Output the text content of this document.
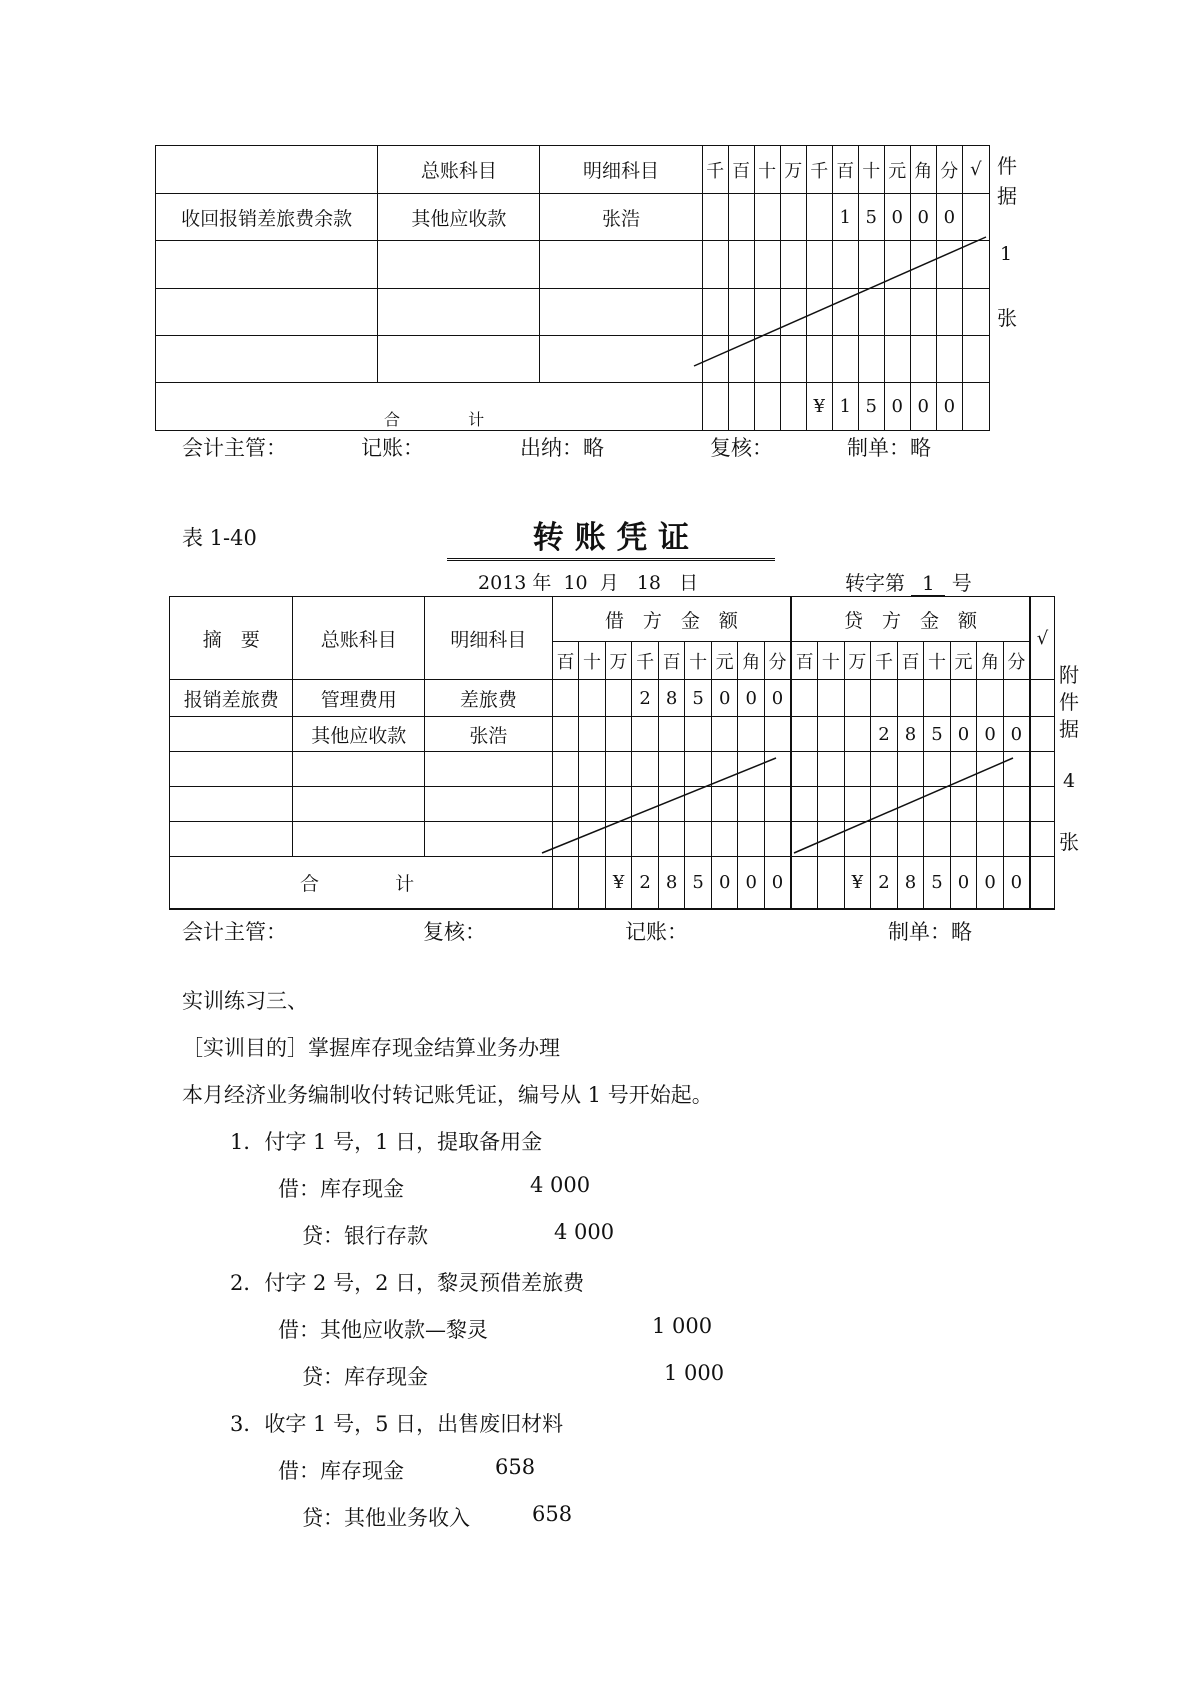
	总账科目	明细科目	千	百	十	万	千	百	十	元	角	分	√
收回报销差旅费余款	其他应收款	张浩						1	5	0	0	0	

$_合$ $_计$							¥	1	5	0	0	0	
件
据
1
张
会计主管：	记账：	出纳：略	复核：	制单：略
表 1-40	转 账 凭 证
2013 年  10  月   18   日	转字第 1 号
摘　要	总账科目	明细科目	借　方　金　额									贷　方　金　额									√
			百	十	万	千	百	十	元	角	分	百	十	万	千	百	十	元	角	分	
报销差旅费	管理费用	差旅费				2	8	5	0	0	0										
	其他应收款	张浩													2	8	5	0	0	0	

合 计					¥	2	8	5	0	0	0			¥	2	8	5	0	0	0	
附
件
据
4
张
会计主管：	复核：	记账：	制单：略
实训练习三、
［实训目的］掌握库存现金结算业务办理
本月经济业务编制收付转记账凭证，编号从 1 号开始起。
1．付字 1 号，1 日，提取备用金
借：库存现金	4 000
贷：银行存款	4 000
2．付字 2 号，2 日，黎灵预借差旅费
借：其他应收款—黎灵	1 000
贷：库存现金	1 000
3．收字 1 号，5 日，出售废旧材料
借：库存现金	658
贷：其他业务收入	658
